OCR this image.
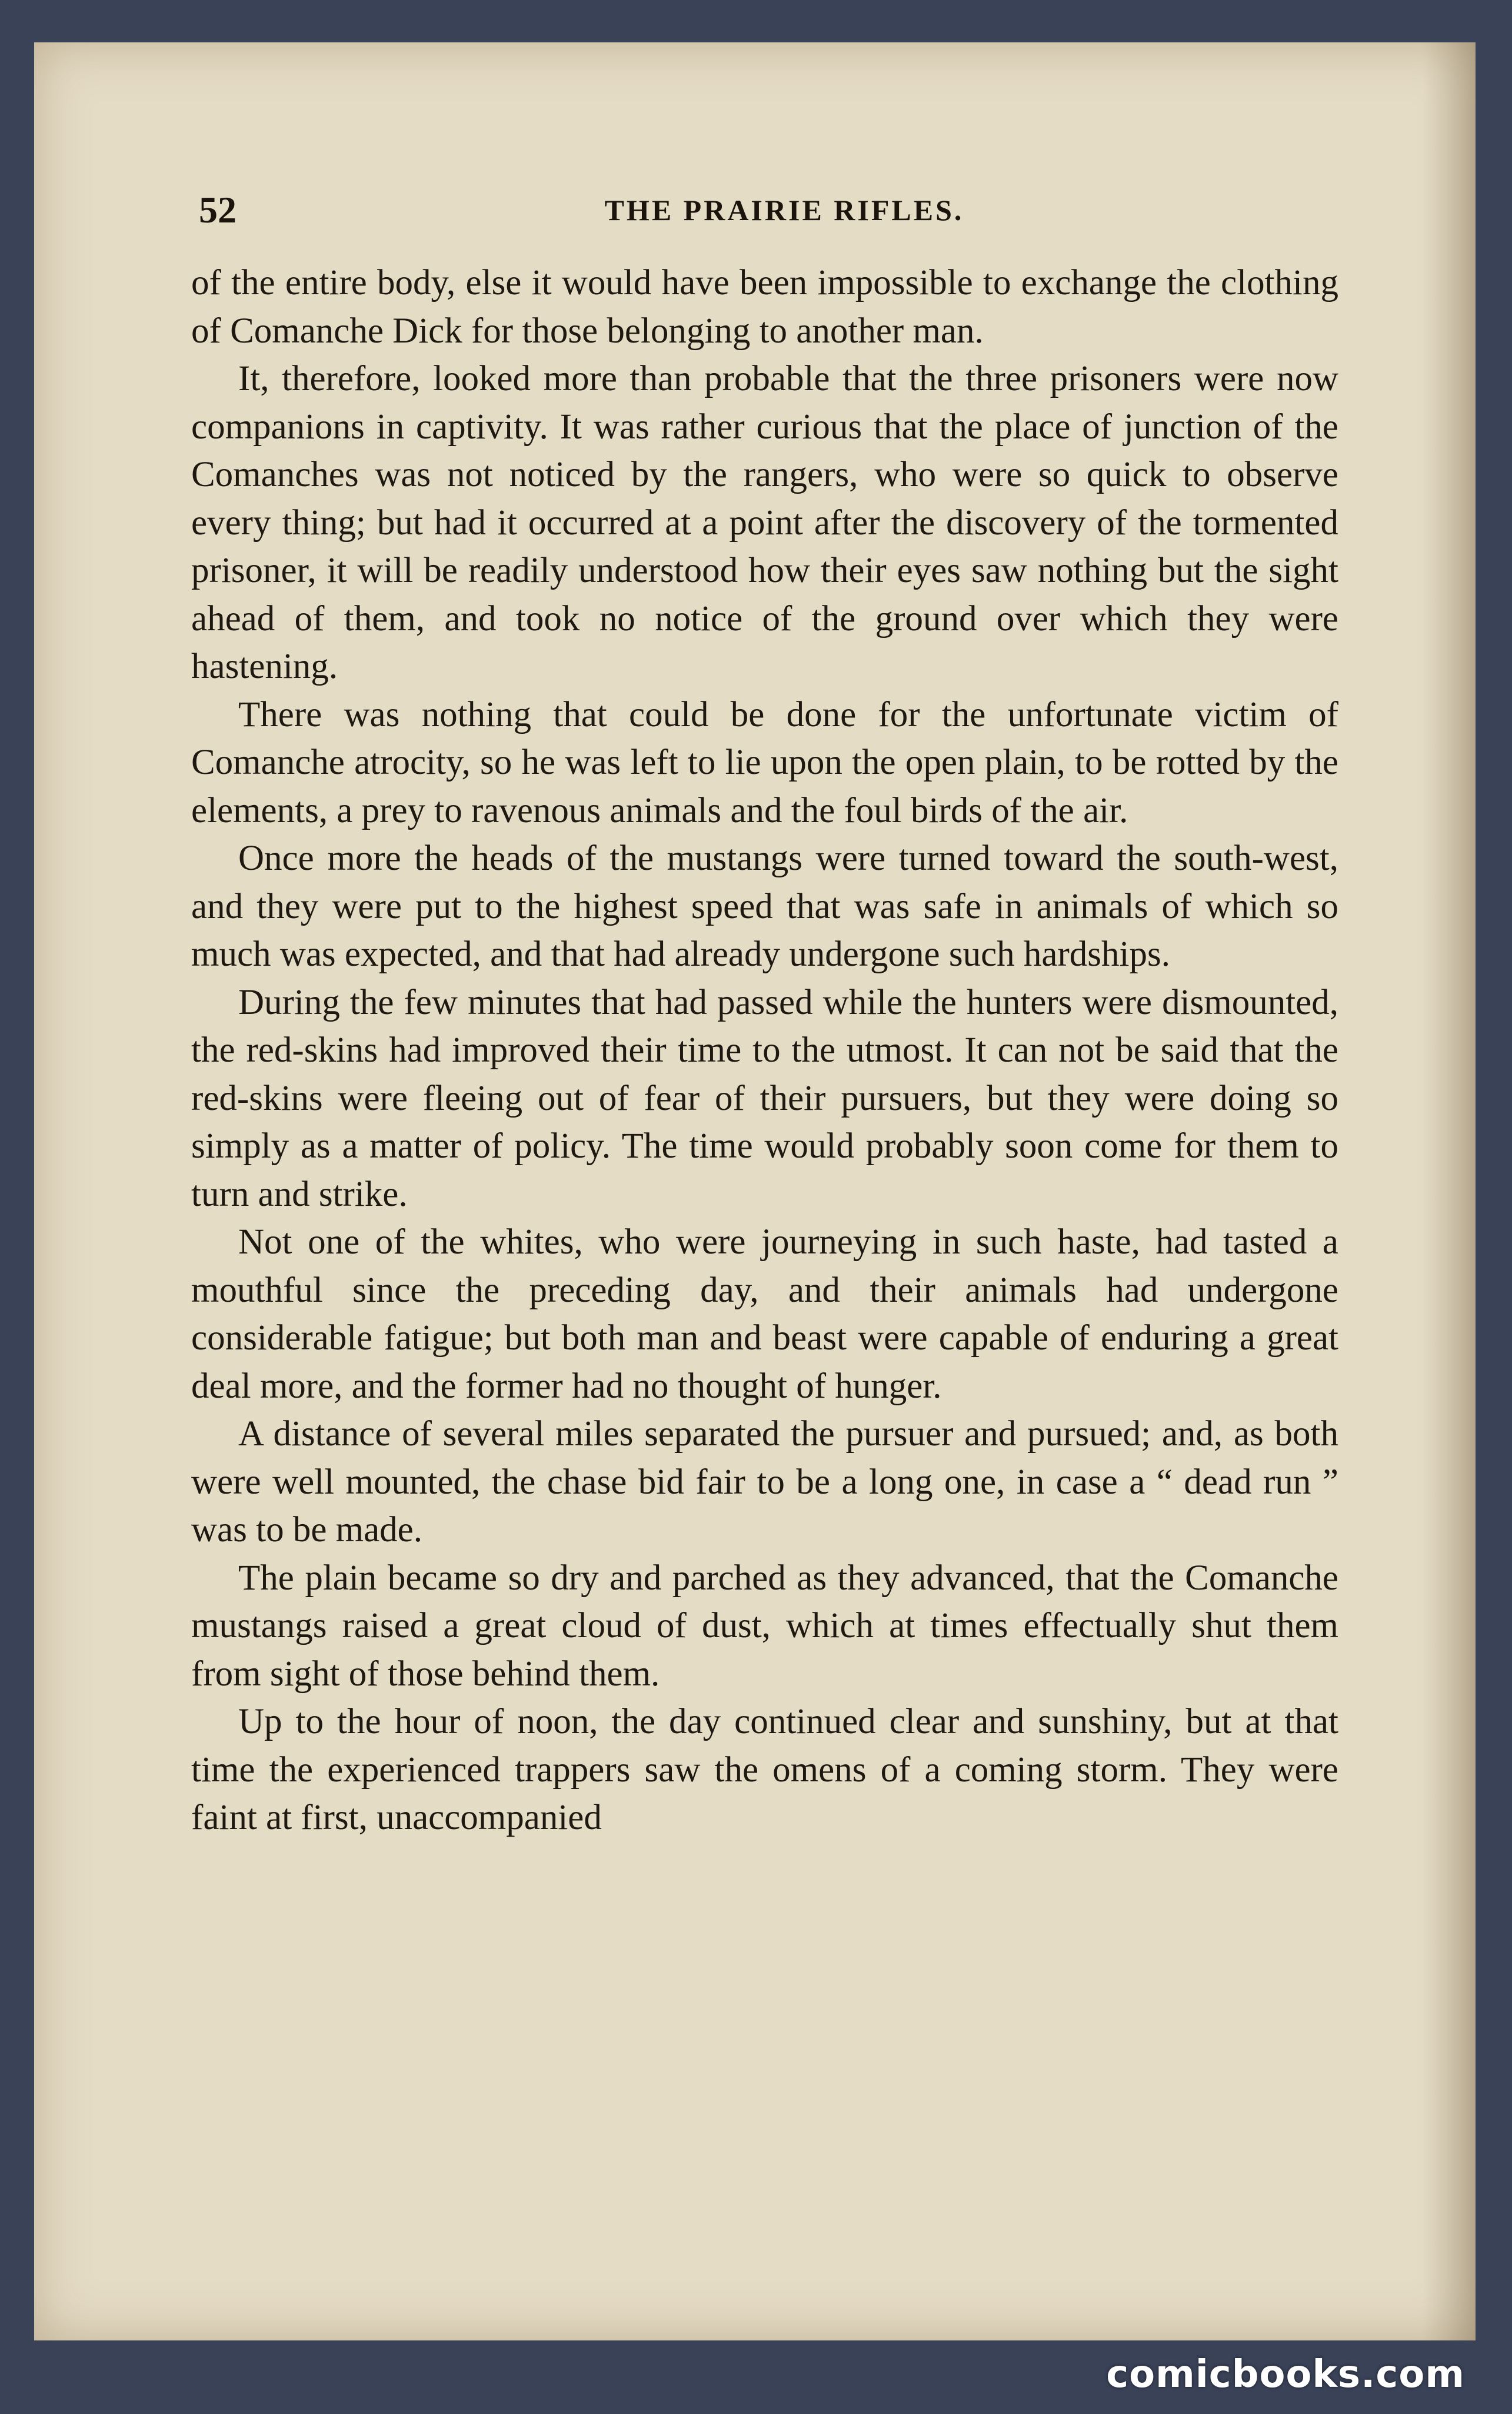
52	THE PRAIRIE RIFLES.

of the entire body, else it would have been impossible to exchange the clothing of Comanche Dick for those belonging to another man.

It, therefore, looked more than probable that the three prisoners were now companions in captivity. It was rather curious that the place of junction of the Comanches was not noticed by the rangers, who were so quick to observe every thing; but had it occurred at a point after the discovery of the tormented prisoner, it will be readily understood how their eyes saw nothing but the sight ahead of them, and took no notice of the ground over which they were hastening.

There was nothing that could be done for the unfortunate victim of Comanche atrocity, so he was left to lie upon the open plain, to be rotted by the elements, a prey to ravenous animals and the foul birds of the air.

Once more the heads of the mustangs were turned toward the south-west, and they were put to the highest speed that was safe in animals of which so much was expected, and that had already undergone such hardships.

During the few minutes that had passed while the hunters were dismounted, the red-skins had improved their time to the utmost. It can not be said that the red-skins were fleeing out of fear of their pursuers, but they were doing so simply as a matter of policy. The time would probably soon come for them to turn and strike.

Not one of the whites, who were journeying in such haste, had tasted a mouthful since the preceding day, and their animals had undergone considerable fatigue; but both man and beast were capable of enduring a great deal more, and the former had no thought of hunger.

A distance of several miles separated the pursuer and pursued; and, as both were well mounted, the chase bid fair to be a long one, in case a “ dead run ” was to be made.

The plain became so dry and parched as they advanced, that the Comanche mustangs raised a great cloud of dust, which at times effectually shut them from sight of those behind them.

Up to the hour of noon, the day continued clear and sunshiny, but at that time the experienced trappers saw the omens of a coming storm. They were faint at first, unaccompanied

comicbooks.com
